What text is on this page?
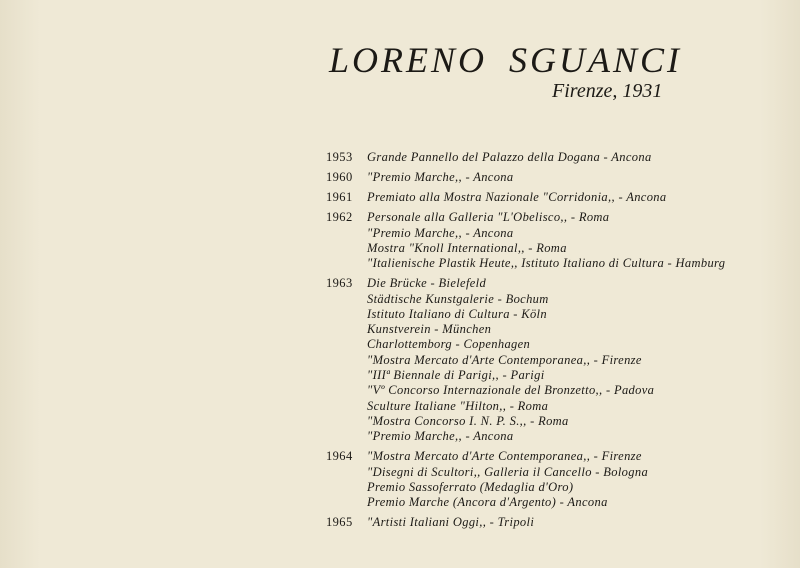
LORENO SGUANCI

Firenze, 1931

1953	Grande Pannello del Palazzo della Dogana - Ancona
1960	"Premio Marche,, - Ancona
1961	Premiato alla Mostra Nazionale "Corridonia,, - Ancona
1962	Personale alla Galleria "L'Obelisco,, - Roma
"Premio Marche,, - Ancona
Mostra "Knoll International,, - Roma
"Italienische Plastik Heute,, Istituto Italiano di Cultura - Hamburg
1963	Die Brücke - Bielefeld
Städtische Kunstgalerie - Bochum
Istituto Italiano di Cultura - Köln
Kunstverein - München
Charlottemborg - Copenhagen
"Mostra Mercato d'Arte Contemporanea,, - Firenze
"IIIª Biennale di Parigi,, - Parigi
"Vº Concorso Internazionale del Bronzetto,, - Padova
Sculture Italiane "Hilton,, - Roma
"Mostra Concorso I. N. P. S.,, - Roma
"Premio Marche,, - Ancona
1964	"Mostra Mercato d'Arte Contemporanea,, - Firenze
"Disegni di Scultori,, Galleria il Cancello - Bologna
Premio Sassoferrato (Medaglia d'Oro)
Premio Marche (Ancora d'Argento) - Ancona
1965	"Artisti Italiani Oggi,, - Tripoli
